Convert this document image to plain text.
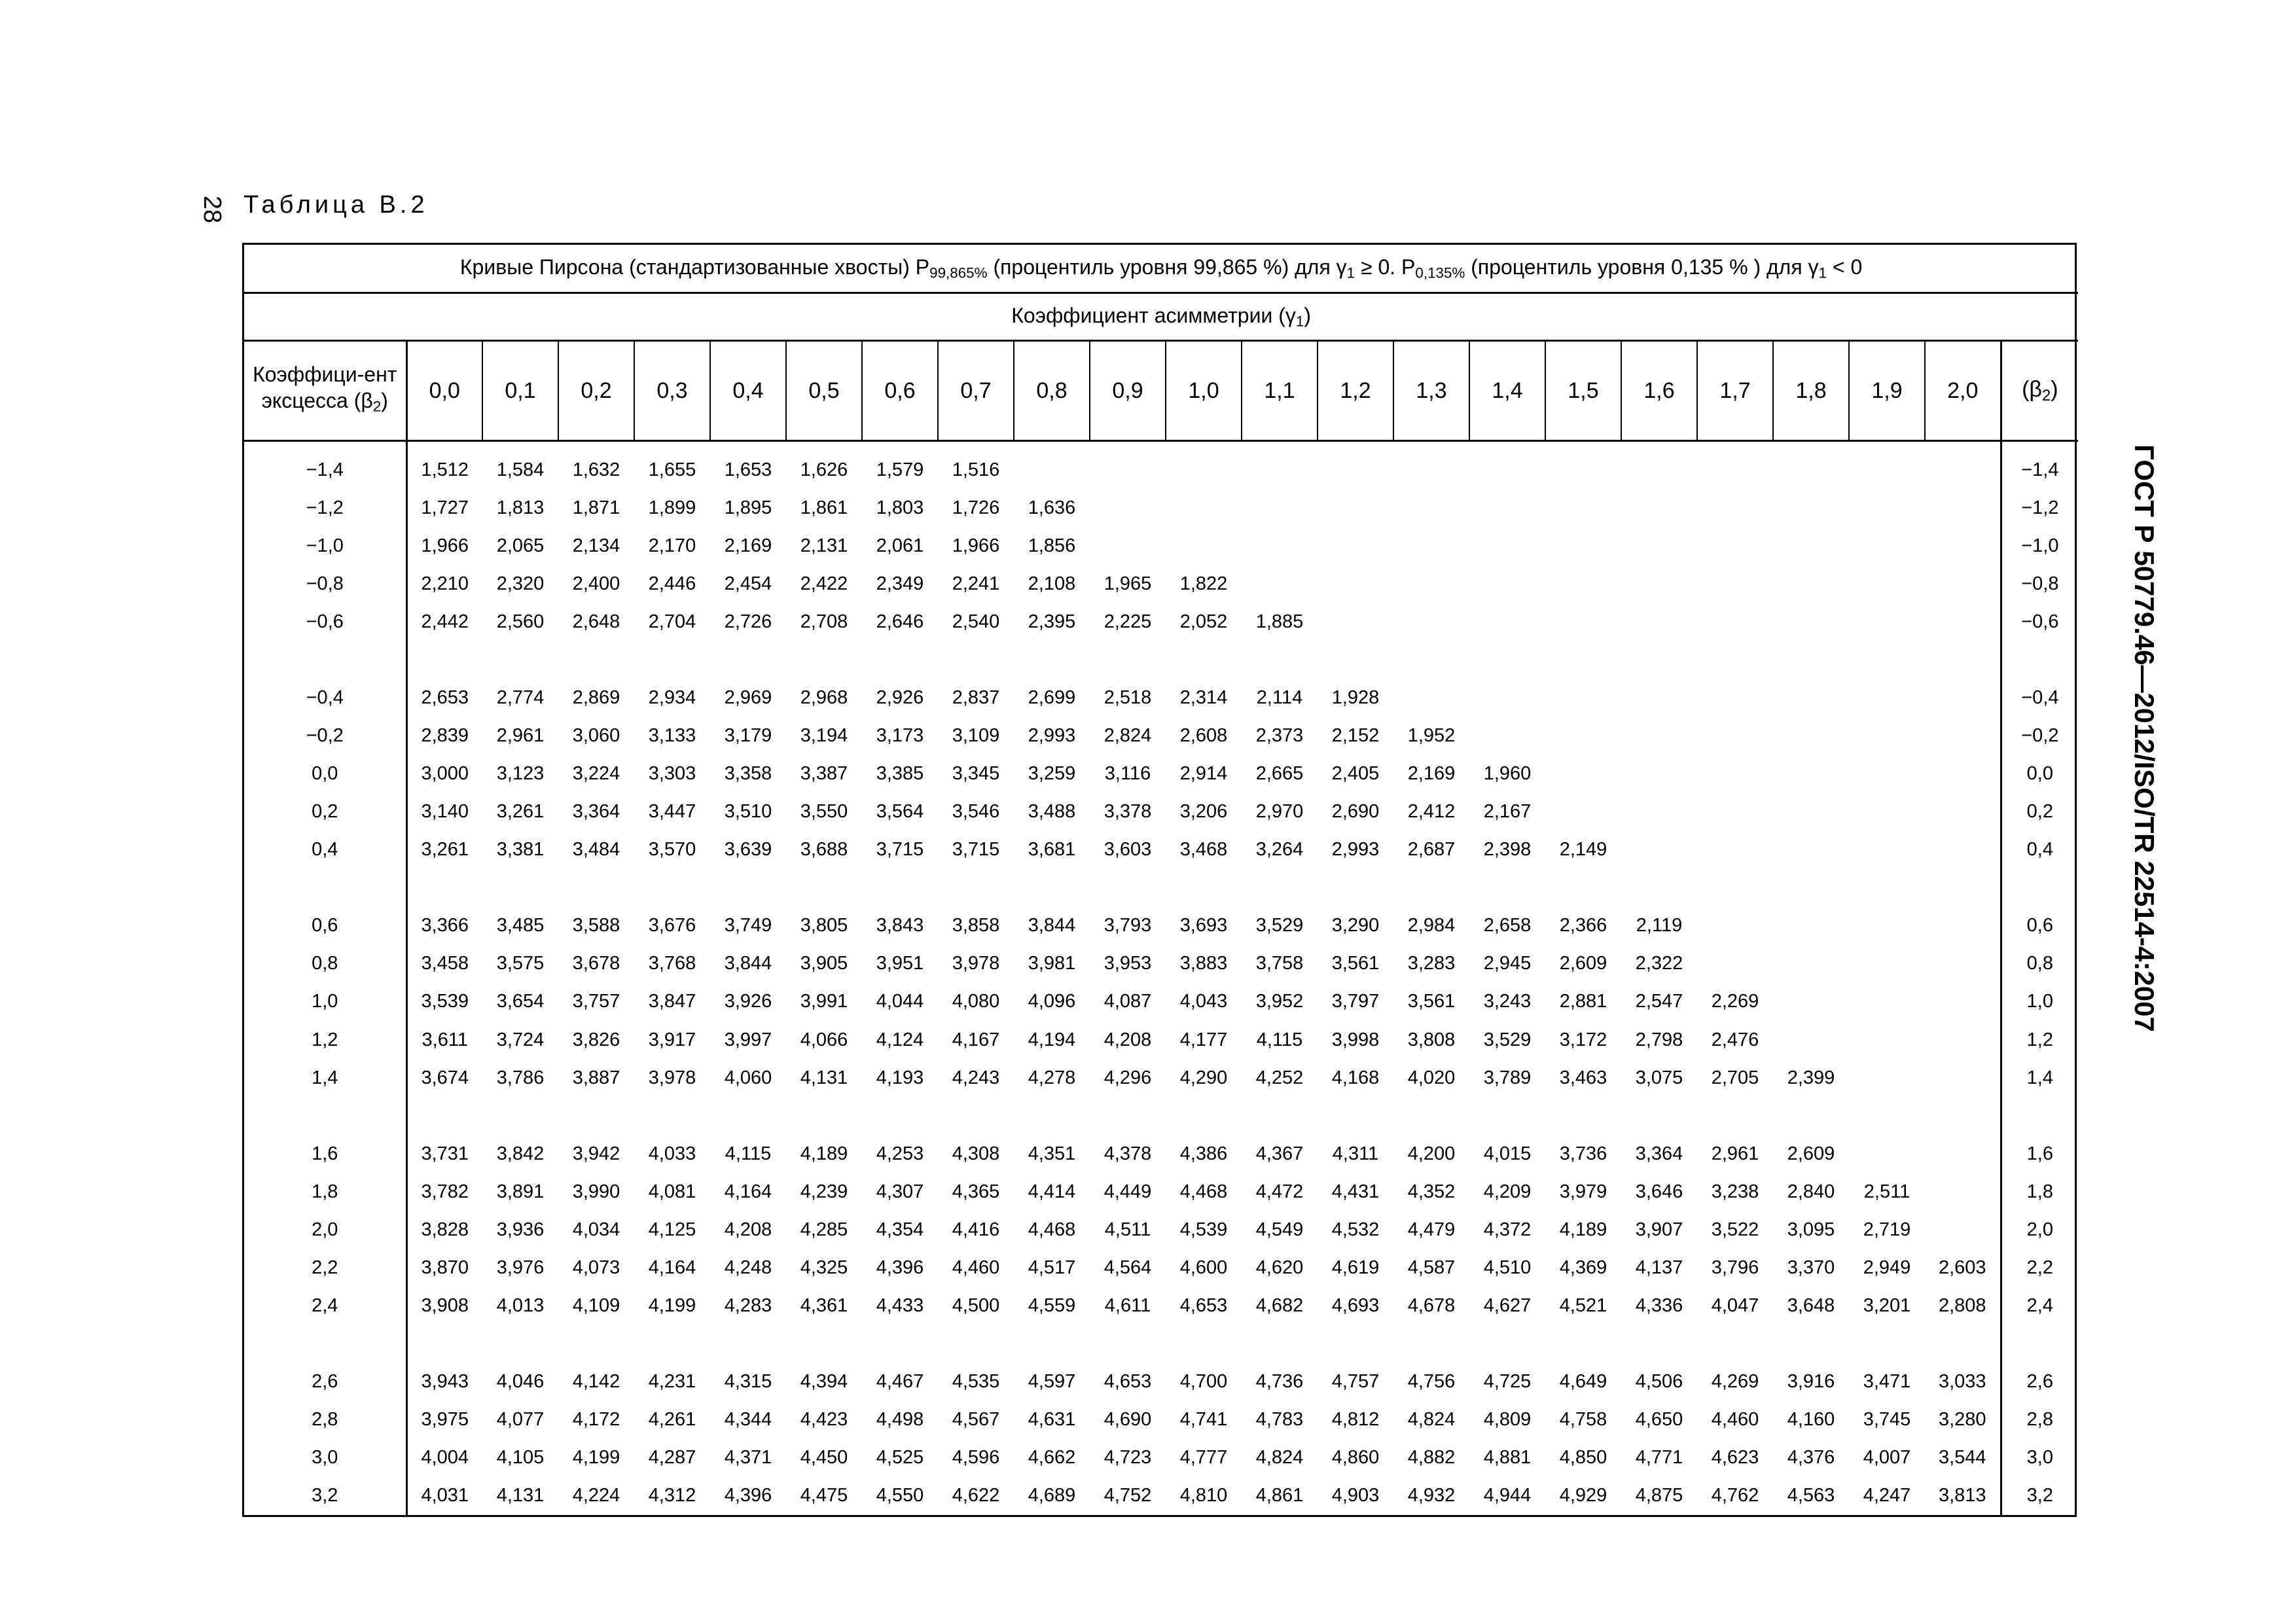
28 Таблица В.2
ГОСТ Р 50779.46—2012/ISO/TR 22514-4:2007
Кривые Пирсона (стандартизованные хвосты) $P_{99,865\%}$ (процентиль уровня 99,865 %) для $\gamma_1 \ge 0$. $P_{0,135\%}$ (процентиль уровня 0,135 % ) для $\gamma_1 < 0$																						
Коэффициент асимметрии $(\gamma_1)$																						
Коэффици-ент эксцесса $(\beta_2)$	0,0	0,1	0,2	0,3	0,4	0,5	0,6	0,7	0,8	0,9	1,0	1,1	1,2	1,3	1,4	1,5	1,6	1,7	1,8	1,9	2,0	$(\beta_2)$
−1,4	1,512	1,584	1,632	1,655	1,653	1,626	1,579	1,516														−1,4
−1,2	1,727	1,813	1,871	1,899	1,895	1,861	1,803	1,726	1,636													−1,2
−1,0	1,966	2,065	2,134	2,170	2,169	2,131	2,061	1,966	1,856													−1,0
−0,8	2,210	2,320	2,400	2,446	2,454	2,422	2,349	2,241	2,108	1,965	1,822											−0,8
−0,6	2,442	2,560	2,648	2,704	2,726	2,708	2,646	2,540	2,395	2,225	2,052	1,885										−0,6

−0,4	2,653	2,774	2,869	2,934	2,969	2,968	2,926	2,837	2,699	2,518	2,314	2,114	1,928									−0,4
−0,2	2,839	2,961	3,060	3,133	3,179	3,194	3,173	3,109	2,993	2,824	2,608	2,373	2,152	1,952								−0,2
0,0	3,000	3,123	3,224	3,303	3,358	3,387	3,385	3,345	3,259	3,116	2,914	2,665	2,405	2,169	1,960							0,0
0,2	3,140	3,261	3,364	3,447	3,510	3,550	3,564	3,546	3,488	3,378	3,206	2,970	2,690	2,412	2,167							0,2
0,4	3,261	3,381	3,484	3,570	3,639	3,688	3,715	3,715	3,681	3,603	3,468	3,264	2,993	2,687	2,398	2,149						0,4

0,6	3,366	3,485	3,588	3,676	3,749	3,805	3,843	3,858	3,844	3,793	3,693	3,529	3,290	2,984	2,658	2,366	2,119					0,6
0,8	3,458	3,575	3,678	3,768	3,844	3,905	3,951	3,978	3,981	3,953	3,883	3,758	3,561	3,283	2,945	2,609	2,322					0,8
1,0	3,539	3,654	3,757	3,847	3,926	3,991	4,044	4,080	4,096	4,087	4,043	3,952	3,797	3,561	3,243	2,881	2,547	2,269				1,0
1,2	3,611	3,724	3,826	3,917	3,997	4,066	4,124	4,167	4,194	4,208	4,177	4,115	3,998	3,808	3,529	3,172	2,798	2,476				1,2
1,4	3,674	3,786	3,887	3,978	4,060	4,131	4,193	4,243	4,278	4,296	4,290	4,252	4,168	4,020	3,789	3,463	3,075	2,705	2,399			1,4

1,6	3,731	3,842	3,942	4,033	4,115	4,189	4,253	4,308	4,351	4,378	4,386	4,367	4,311	4,200	4,015	3,736	3,364	2,961	2,609			1,6
1,8	3,782	3,891	3,990	4,081	4,164	4,239	4,307	4,365	4,414	4,449	4,468	4,472	4,431	4,352	4,209	3,979	3,646	3,238	2,840	2,511		1,8
2,0	3,828	3,936	4,034	4,125	4,208	4,285	4,354	4,416	4,468	4,511	4,539	4,549	4,532	4,479	4,372	4,189	3,907	3,522	3,095	2,719		2,0
2,2	3,870	3,976	4,073	4,164	4,248	4,325	4,396	4,460	4,517	4,564	4,600	4,620	4,619	4,587	4,510	4,369	4,137	3,796	3,370	2,949	2,603	2,2
2,4	3,908	4,013	4,109	4,199	4,283	4,361	4,433	4,500	4,559	4,611	4,653	4,682	4,693	4,678	4,627	4,521	4,336	4,047	3,648	3,201	2,808	2,4

2,6	3,943	4,046	4,142	4,231	4,315	4,394	4,467	4,535	4,597	4,653	4,700	4,736	4,757	4,756	4,725	4,649	4,506	4,269	3,916	3,471	3,033	2,6
2,8	3,975	4,077	4,172	4,261	4,344	4,423	4,498	4,567	4,631	4,690	4,741	4,783	4,812	4,824	4,809	4,758	4,650	4,460	4,160	3,745	3,280	2,8
3,0	4,004	4,105	4,199	4,287	4,371	4,450	4,525	4,596	4,662	4,723	4,777	4,824	4,860	4,882	4,881	4,850	4,771	4,623	4,376	4,007	3,544	3,0
3,2	4,031	4,131	4,224	4,312	4,396	4,475	4,550	4,622	4,689	4,752	4,810	4,861	4,903	4,932	4,944	4,929	4,875	4,762	4,563	4,247	3,813	3,2
